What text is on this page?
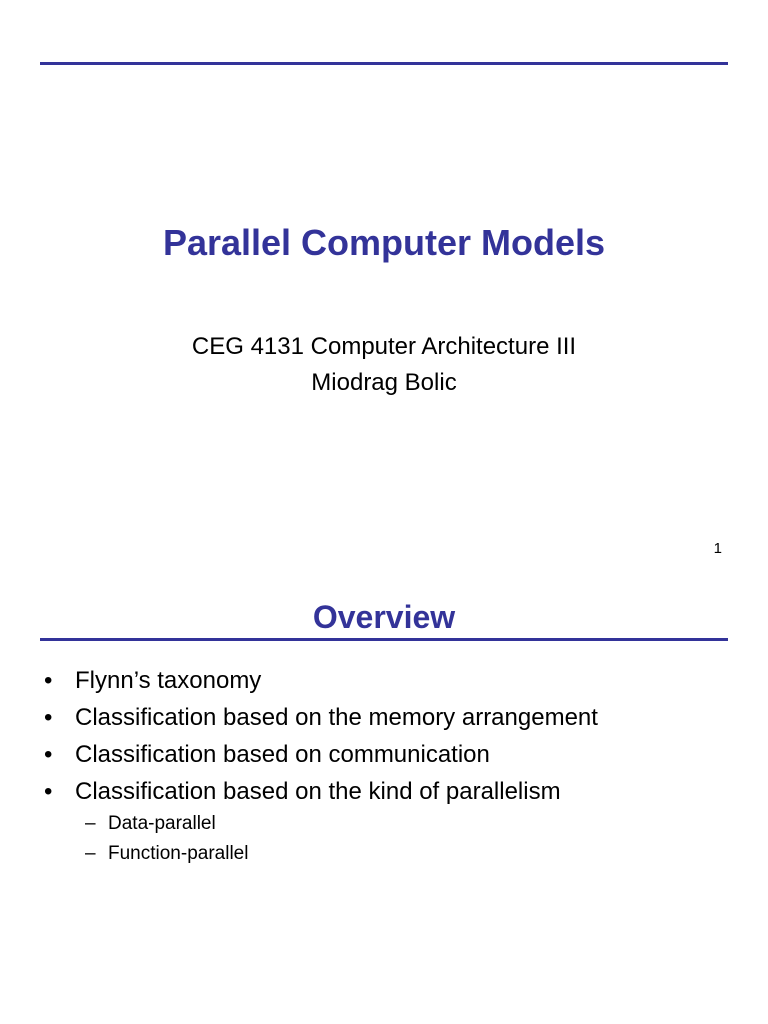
Parallel Computer Models
CEG 4131 Computer Architecture III
Miodrag Bolic
1
Overview
• Flynn’s taxonomy
• Classification based on the memory arrangement
• Classification based on communication
• Classification based on the kind of parallelism
– Data-parallel
– Function-parallel
